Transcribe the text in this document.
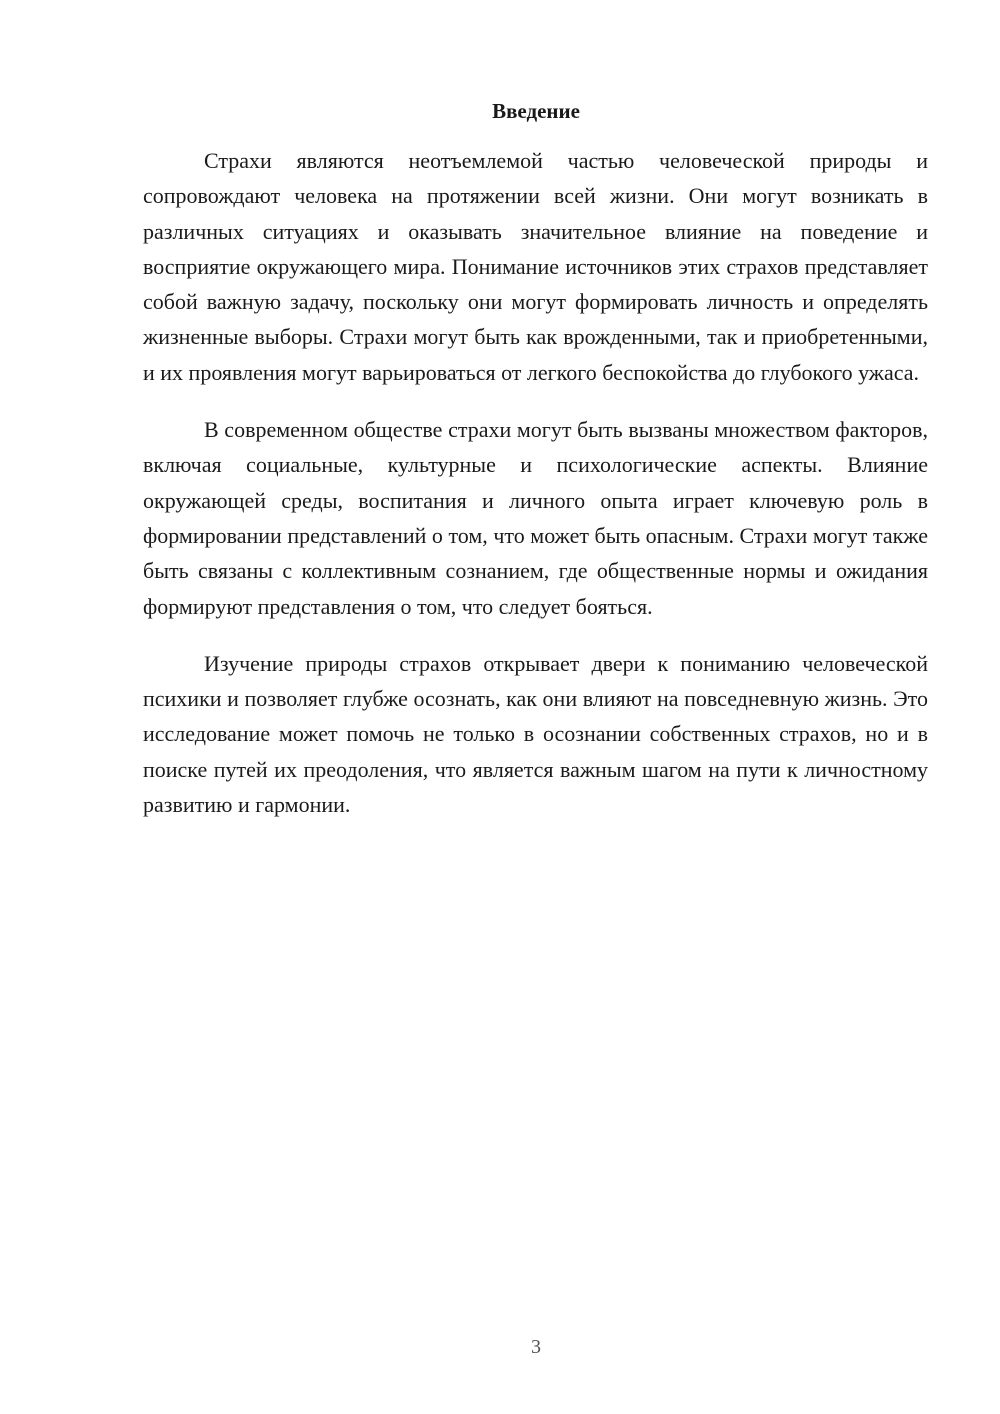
Введение

Страхи являются неотъемлемой частью человеческой природы и сопровождают человека на протяжении всей жизни. Они могут возникать в различных ситуациях и оказывать значительное влияние на поведение и восприятие окружающего мира. Понимание источников этих страхов представляет собой важную задачу, поскольку они могут формировать личность и определять жизненные выборы. Страхи могут быть как врожденными, так и приобретенными, и их проявления могут варьироваться от легкого беспокойства до глубокого ужаса.

В современном обществе страхи могут быть вызваны множеством факторов, включая социальные, культурные и психологические аспекты. Влияние окружающей среды, воспитания и личного опыта играет ключевую роль в формировании представлений о том, что может быть опасным. Страхи могут также быть связаны с коллективным сознанием, где общественные нормы и ожидания формируют представления о том, что следует бояться.

Изучение природы страхов открывает двери к пониманию человеческой психики и позволяет глубже осознать, как они влияют на повседневную жизнь. Это исследование может помочь не только в осознании собственных страхов, но и в поиске путей их преодоления, что является важным шагом на пути к личностному развитию и гармонии.

3
